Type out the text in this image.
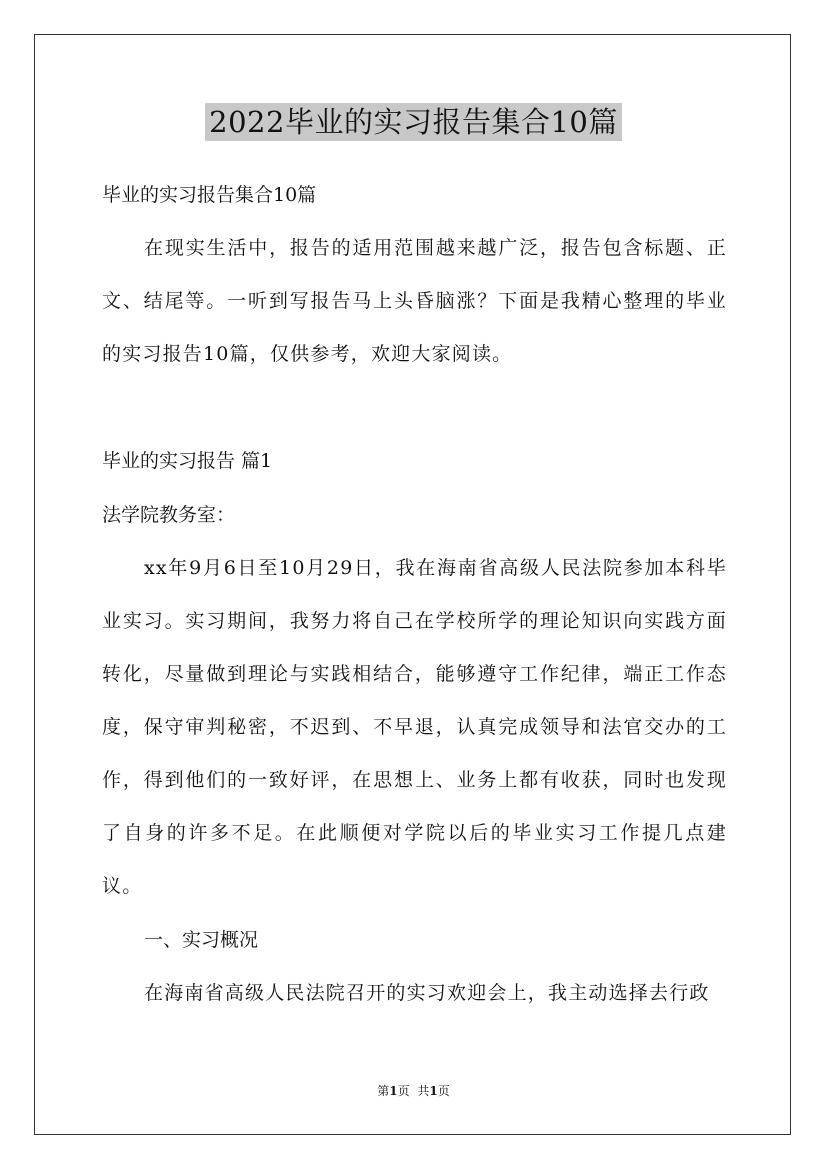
2022毕业的实习报告集合10篇
毕业的实习报告集合10篇

在现实生活中，报告的适用范围越来越广泛，报告包含标题、正文、结尾等。一听到写报告马上头昏脑涨？下面是我精心整理的毕业的实习报告10篇，仅供参考，欢迎大家阅读。

毕业的实习报告 篇1
法学院教务室：

xx年9月6日至10月29日，我在海南省高级人民法院参加本科毕业实习。实习期间，我努力将自己在学校所学的理论知识向实践方面转化，尽量做到理论与实践相结合，能够遵守工作纪律，端正工作态度，保守审判秘密，不迟到、不早退，认真完成领导和法官交办的工作，得到他们的一致好评，在思想上、业务上都有收获，同时也发现了自身的许多不足。在此顺便对学院以后的毕业实习工作提几点建议。

一、实习概况

在海南省高级人民法院召开的实习欢迎会上，我主动选择去行政

第1页 共1页
